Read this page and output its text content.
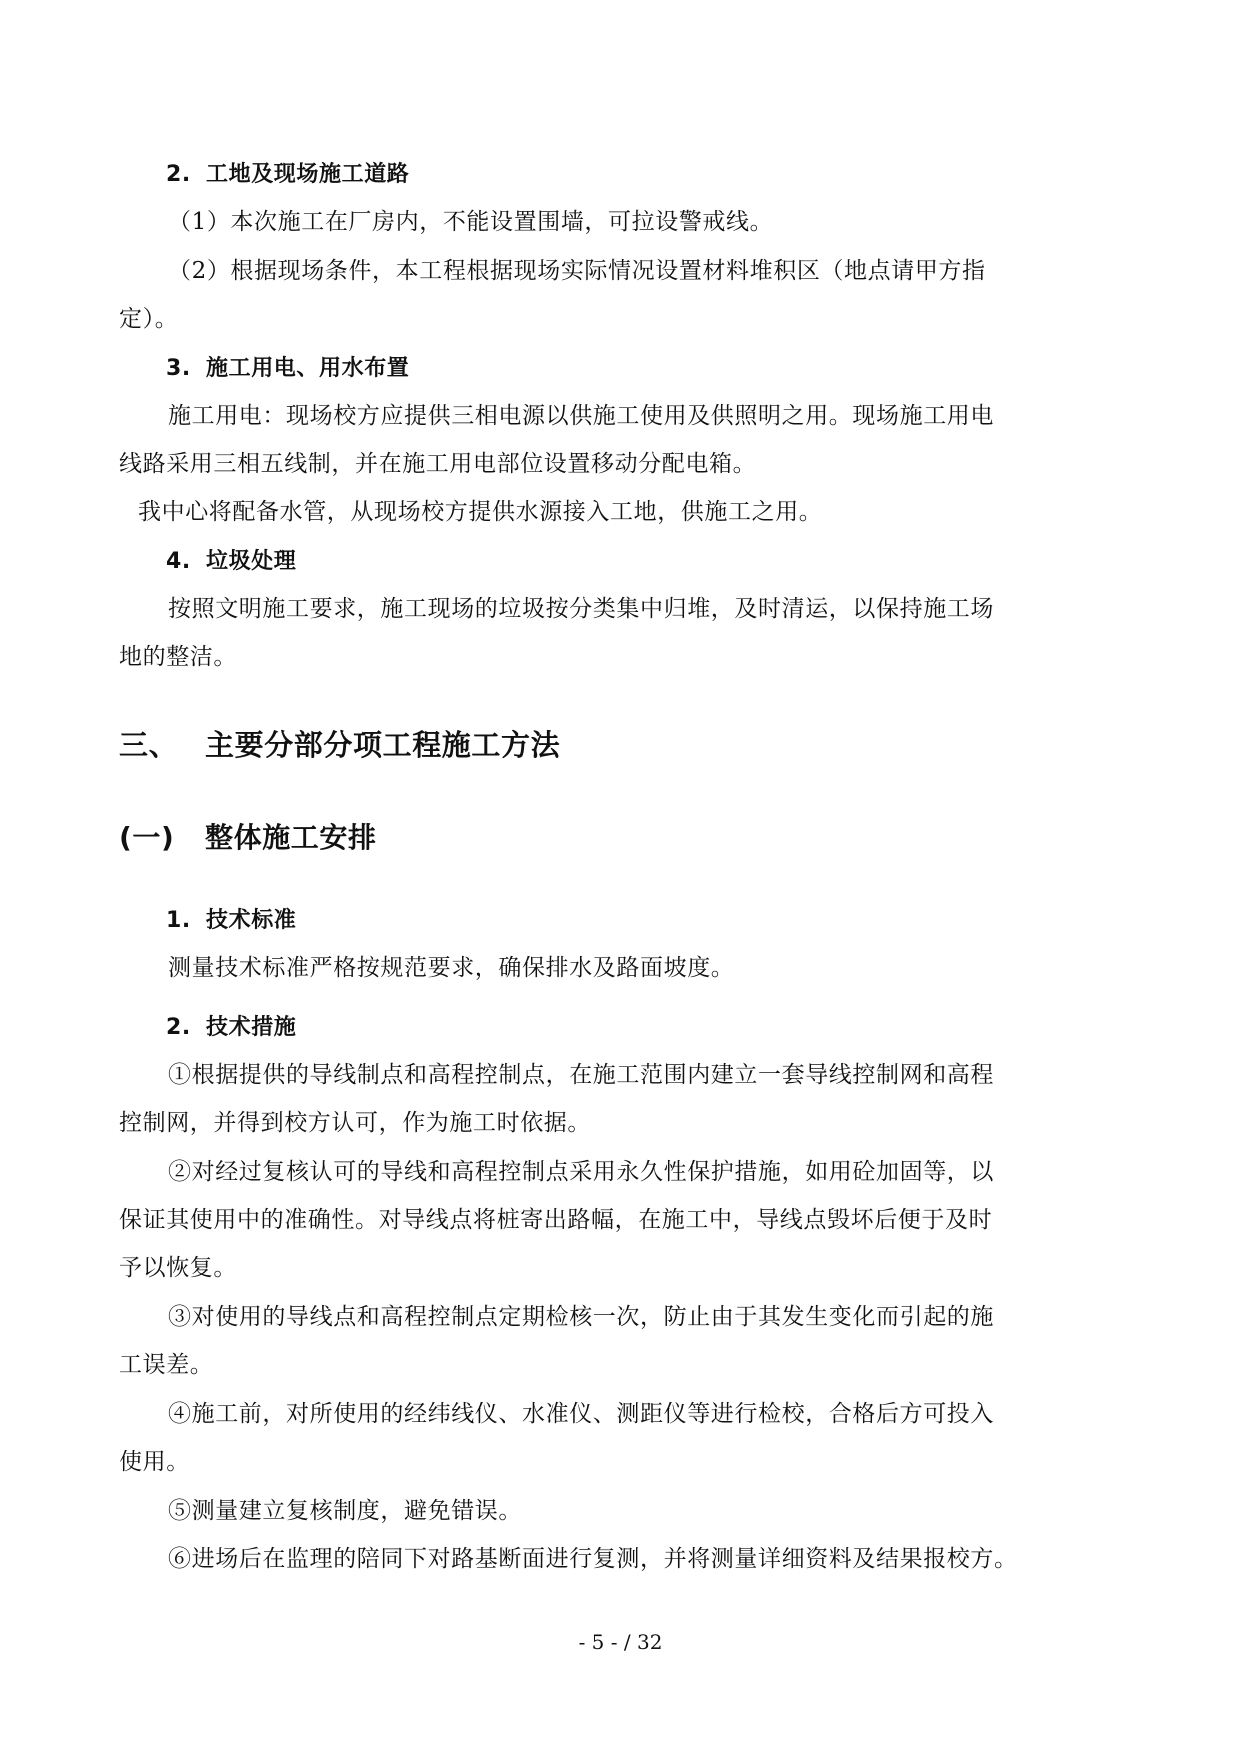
2. 工地及现场施工道路
（1）本次施工在厂房内，不能设置围墙，可拉设警戒线。
（2）根据现场条件，本工程根据现场实际情况设置材料堆积区（地点请甲方指
定）。
3. 施工用电、用水布置
施工用电：现场校方应提供三相电源以供施工使用及供照明之用。现场施工用电
线路采用三相五线制，并在施工用电部位设置移动分配电箱。
我中心将配备水管，从现场校方提供水源接入工地，供施工之用。
4. 垃圾处理
按照文明施工要求，施工现场的垃圾按分类集中归堆，及时清运，以保持施工场
地的整洁。
三、 主要分部分项工程施工方法
(一) 整体施工安排
1. 技术标准
测量技术标准严格按规范要求，确保排水及路面坡度。
2. 技术措施
①根据提供的导线制点和高程控制点，在施工范围内建立一套导线控制网和高程
控制网，并得到校方认可，作为施工时依据。
②对经过复核认可的导线和高程控制点采用永久性保护措施，如用砼加固等，以
保证其使用中的准确性。对导线点将桩寄出路幅，在施工中，导线点毁坏后便于及时
予以恢复。
③对使用的导线点和高程控制点定期检核一次，防止由于其发生变化而引起的施
工误差。
④施工前，对所使用的经纬线仪、水准仪、测距仪等进行检校，合格后方可投入
使用。
⑤测量建立复核制度，避免错误。
⑥进场后在监理的陪同下对路基断面进行复测，并将测量详细资料及结果报校方。
- 5 - / 32
